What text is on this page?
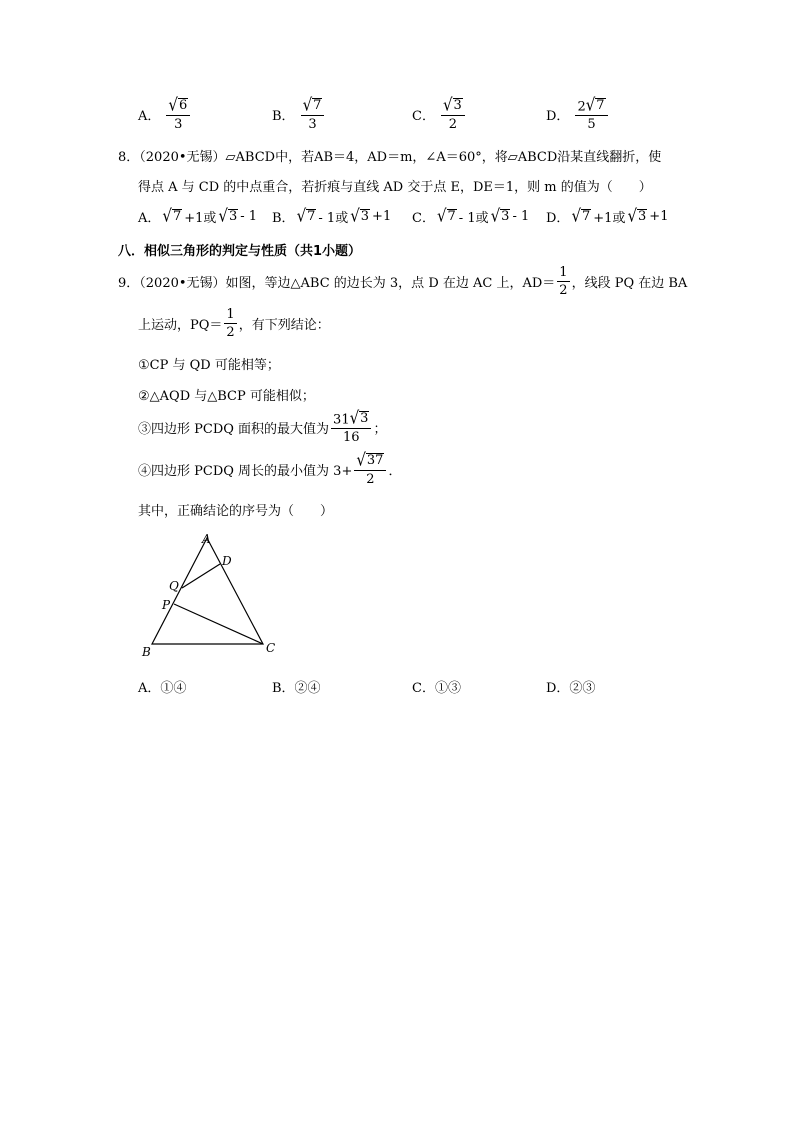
A． $\frac{√ 6}{3}$	B． $\frac{√ 7}{3}$	C． $\frac{√ 3}{2}$	D． $\frac{2 √ 7}{5}$
8．（2020•无锡）▱ABCD中，若AB＝4，AD＝m，∠A＝60°，将▱ABCD沿某直线翻折，使
得点 A 与 CD 的中点重合，若折痕与直线 AD 交于点 E，DE＝1，则 m 的值为（　　）
A． √ 7 +1或 √ 3 - 1 B． √ 7 - 1或 √ 3 +1 C． √ 7 - 1或 √ 3 - 1 D． √ 7 +1或 √ 3 +1
八．相似三角形的判定与性质（共1小题）
9．（2020•无锡）如图，等边△ABC 的边长为 3，点 D 在边 AC 上，$AD= \frac{1}{2}$ ，线段 PQ 在边 BA
上运动，$PQ= \frac{1}{2}$ ，有下列结论：
①CP 与 QD 可能相等；
②△AQD 与△BCP 可能相似；
③四边形 PCDQ 面积的最大值为 $\frac{31 √ 3}{16}$ ；
④四边形 PCDQ 周长的最小值为 $3+ \frac{√ 37}{2}$ ．
其中，正确结论的序号为（　　）
A
D
Q
P
B	C
A．①④	B．②④	C．①③	D．②③
